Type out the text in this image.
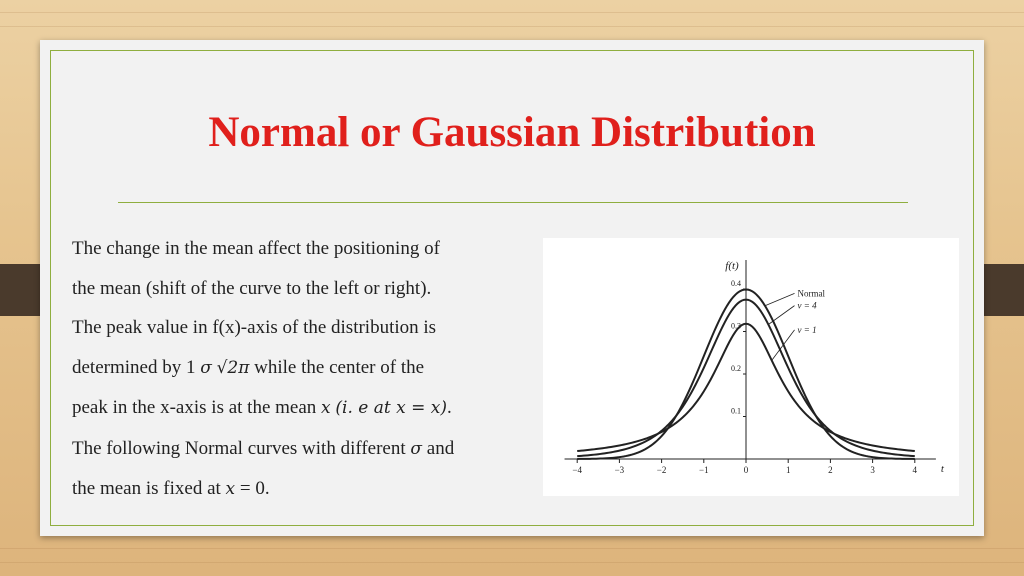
Normal or Gaussian Distribution
The change in the mean affect the positioning of
the mean (shift of the curve to the left or right).
The peak value in f(x)-axis of the distribution is
determined by 1 σ √2π while the center of the
peak in the x-axis is at the mean x (i. e at x = x).
The following Normal curves with different σ and
the mean is fixed at x = 0.
f(t)
t
−4	−3	−2	−1	0	1	2	3	4
0.1
0.2
0.3
0.4
Normal
ν = 4
ν = 1
